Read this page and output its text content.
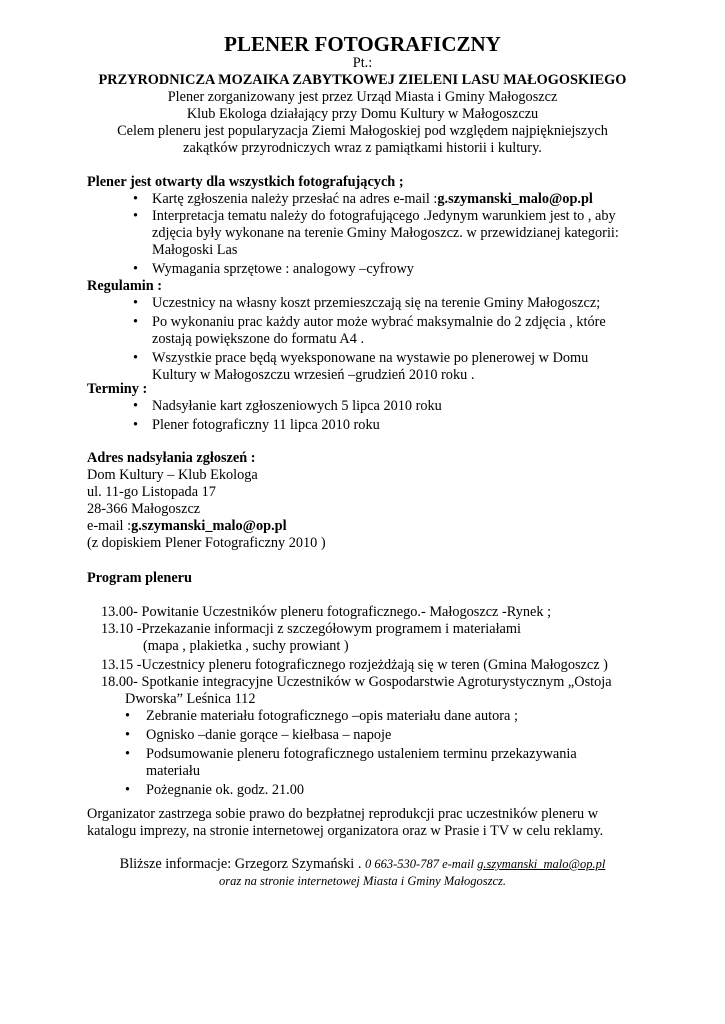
PLENER FOTOGRAFICZNY
Pt.:
PRZYRODNICZA MOZAIKA ZABYTKOWEJ ZIELENI LASU MAŁOGOSKIEGO
Plener zorganizowany jest przez Urząd Miasta i Gminy Małogoszcz
Klub Ekologa działający przy Domu Kultury w Małogoszczu
Celem pleneru jest popularyzacja Ziemi Małogoskiej pod względem najpiękniejszych
zakątków przyrodniczych wraz z pamiątkami historii i kultury.
Plener jest otwarty dla wszystkich fotografujących ;
• Kartę zgłoszenia należy przesłać na adres e-mail :g.szymanski_malo@op.pl
• Interpretacja tematu należy do fotografującego .Jedynym warunkiem jest to , aby
zdjęcia były wykonane na terenie Gminy Małogoszcz. w przewidzianej kategorii:
Małogoski Las
• Wymagania sprzętowe : analogowy –cyfrowy
Regulamin :
• Uczestnicy na własny koszt przemieszczają się na terenie Gminy Małogoszcz;
• Po wykonaniu prac każdy autor może wybrać maksymalnie do 2 zdjęcia , które
zostają powiększone do formatu A4 .
• Wszystkie prace będą wyeksponowane na wystawie po plenerowej w Domu
Kultury w Małogoszczu wrzesień –grudzień 2010 roku .
Terminy :
• Nadsyłanie kart zgłoszeniowych 5 lipca 2010 roku
• Plener fotograficzny 11 lipca 2010 roku
Adres nadsyłania zgłoszeń :
Dom Kultury – Klub Ekologa
ul. 11-go Listopada 17
28-366 Małogoszcz
e-mail :g.szymanski_malo@op.pl
(z dopiskiem Plener Fotograficzny 2010 )
Program pleneru
13.00- Powitanie Uczestników pleneru fotograficznego.- Małogoszcz -Rynek ;
13.10 -Przekazanie informacji z szczegółowym programem i materiałami
(mapa , plakietka , suchy prowiant )
13.15 -Uczestnicy pleneru fotograficznego rozjeżdżają się w teren (Gmina Małogoszcz )
18.00- Spotkanie integracyjne Uczestników w Gospodarstwie Agroturystycznym „Ostoja
Dworska” Leśnica 112
• Zebranie materiału fotograficznego –opis materiału dane autora ;
• Ognisko –danie gorące – kiełbasa – napoje
• Podsumowanie pleneru fotograficznego ustaleniem terminu przekazywania
materiału
• Pożegnanie ok. godz. 21.00
Organizator zastrzega sobie prawo do bezpłatnej reprodukcji prac uczestników pleneru w
katalogu imprezy, na stronie internetowej organizatora oraz w Prasie i TV w celu reklamy.
Bliższe informacje: Grzegorz Szymański . 0 663-530-787 e-mail g.szymanski_malo@op.pl
oraz na stronie internetowej Miasta i Gminy Małogoszcz.
